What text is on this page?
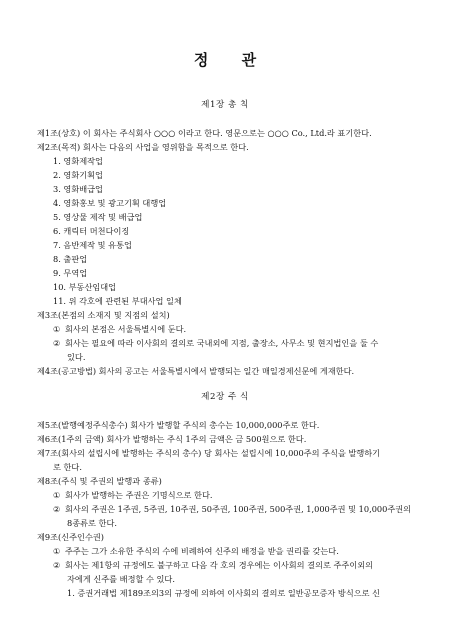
정 관
제1장 총 칙
제1조(상호) 이 회사는 주식회사 ○○○ 이라고 한다. 영문으로는 ○○○ Co., Ltd.라 표기한다.
제2조(목적) 회사는 다음의 사업을 영위함을 목적으로 한다.
1. 영화제작업
2. 영화기획업
3. 영화배급업
4. 영화홍보 및 광고기획 대행업
5. 영상물 제작 및 배급업
6. 캐릭터 머천다이징
7. 음반제작 및 유통업
8. 출판업
9. 무역업
10. 부동산임대업
11. 위 각호에 관련된 부대사업 일체
제3조(본점의 소재지 및 지점의 설치)
① 회사의 본점은 서울특별시에 둔다.
② 회사는 필요에 따라 이사회의 결의로 국내외에 지점, 출장소, 사무소 및 현지법인을 둘 수
있다.
제4조(공고방법) 회사의 공고는 서울특별시에서 발행되는 일간 매일경제신문에 게재한다.
제2장 주 식
제5조(발행예정주식총수) 회사가 발행할 주식의 총수는 10,000,000주로 한다.
제6조(1주의 금액) 회사가 발행하는 주식 1주의 금액은 금 500원으로 한다.
제7조(회사의 설립시에 발행하는 주식의 총수) 당 회사는 설립시에 10,000주의 주식을 발행하기
로 한다.
제8조(주식 및 주권의 발행과 종류)
① 회사가 발행하는 주권은 기명식으로 한다.
② 회사의 주권은 1주권, 5주권, 10주권, 50주권, 100주권, 500주권, 1,000주권 및 10,000주권의
8종류로 한다.
제9조(신주인수권)
① 주주는 그가 소유한 주식의 수에 비례하여 신주의 배정을 받을 권리를 갖는다.
② 회사는 제1항의 규정에도 불구하고 다음 각 호의 경우에는 이사회의 결의로 주주이외의
자에게 신주를 배정할 수 있다.
1. 증권거래법 제189조의3의 규정에 의하여 이사회의 결의로 일반공모증자 방식으로 신
